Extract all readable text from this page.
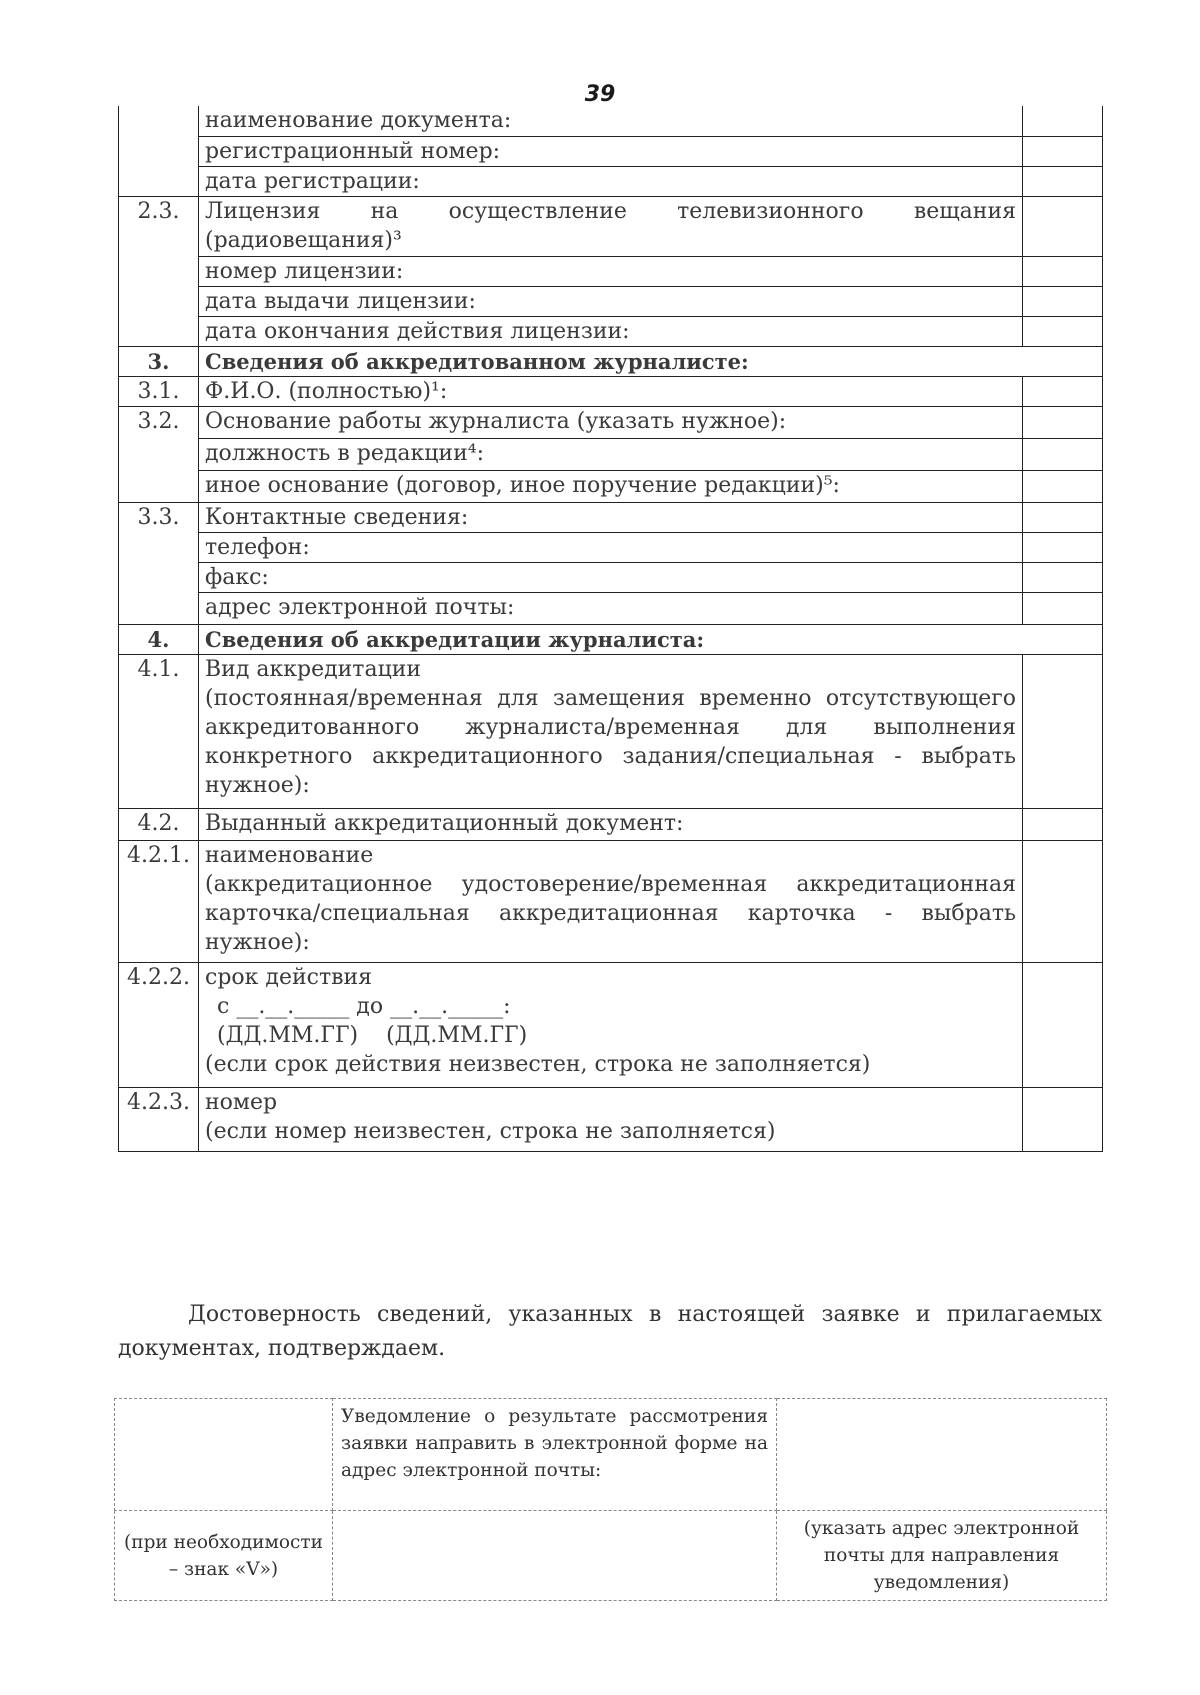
39
	наименование документа:	
	регистрационный номер:	
	дата регистрации:	
2.3.	Лицензия на осуществление телевизионного вещания (радиовещания)³	
	номер лицензии:	
	дата выдачи лицензии:	
	дата окончания действия лицензии:	
3.	Сведения об аккредитованном журналисте:	
3.1.	Ф.И.О. (полностью)¹:	
3.2.	Основание работы журналиста (указать нужное):	
	должность в редакции⁴:	
	иное основание (договор, иное поручение редакции)⁵:	
3.3.	Контактные сведения:	
	телефон:	
	факс:	
	адрес электронной почты:	
4.	Сведения об аккредитации журналиста:	
4.1.	Вид аккредитации
(постоянная/временная для замещения временно отсутствующего аккредитованного журналиста/временная для выполнения конкретного аккредитационного задания/специальная - выбрать нужное):	

4.2.	Выданный аккредитационный документ:	
4.2.1.	наименование
(аккредитационное удостоверение/временная аккредитационная карточка/специальная аккредитационная карточка - выбрать нужное):	

4.2.2.	срок действия
с __.__._____ до __.__._____:
(ДД.ММ.ГГ)    (ДД.ММ.ГГ)
(если срок действия неизвестен, строка не заполняется)	

4.2.3.	номер
(если номер неизвестен, строка не заполняется)	

Достоверность сведений, указанных в настоящей заявке и прилагаемых документах, подтверждаем.
	Уведомление о результате рассмотрения заявки направить в электронной форме на адрес электронной почты:	
(при необходимости – знак «V»)		(указать адрес электронной почты для направления уведомления)
